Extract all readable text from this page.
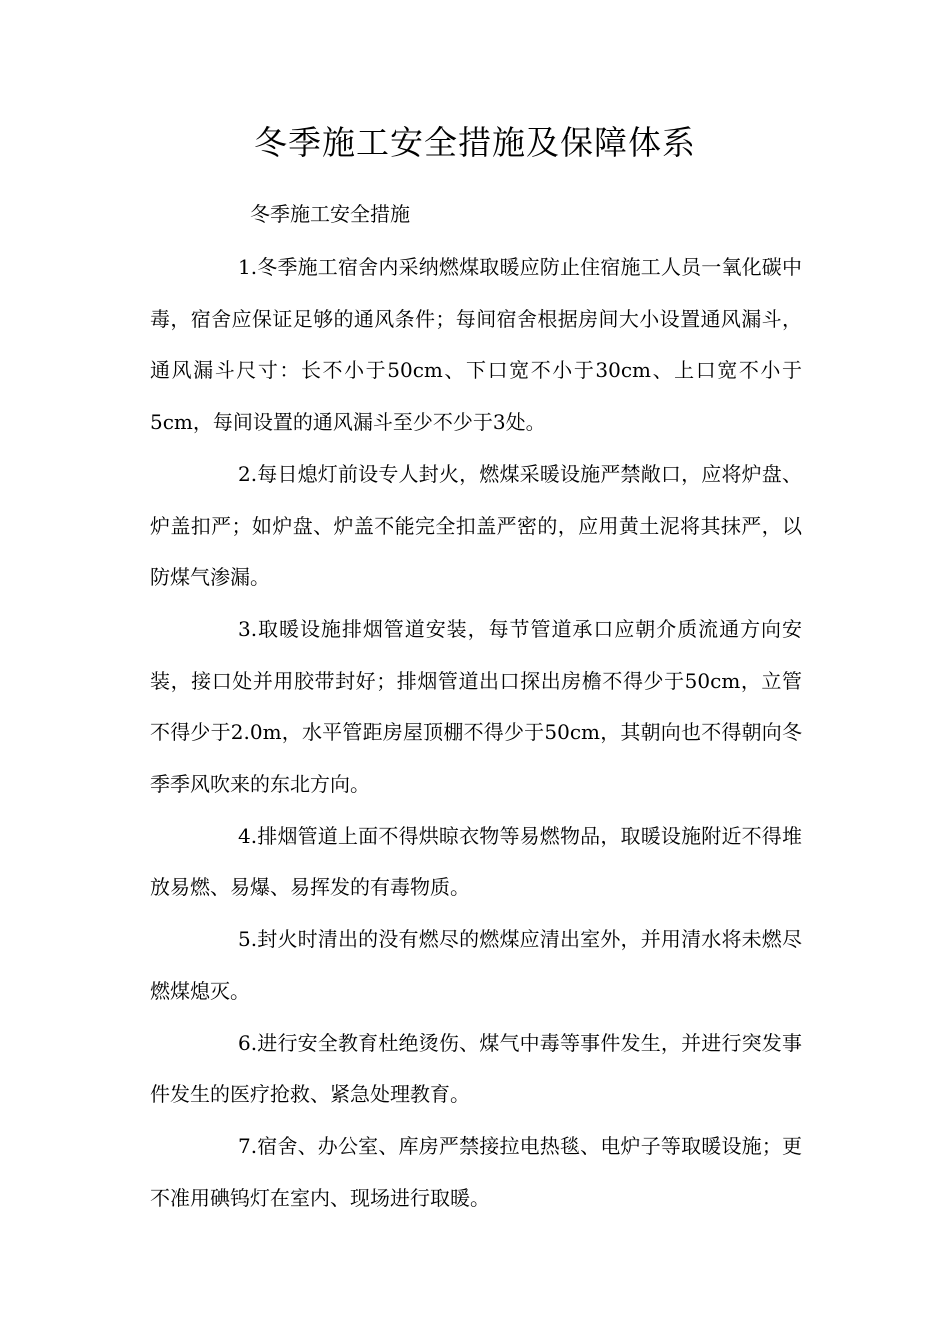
冬季施工安全措施及保障体系
冬季施工安全措施

1.冬季施工宿舍内采纳燃煤取暖应防止住宿施工人员一氧化碳中毒，宿舍应保证足够的通风条件；每间宿舍根据房间大小设置通风漏斗，通风漏斗尺寸：长不小于50cm、下口宽不小于30cm、上口宽不小于5cm，每间设置的通风漏斗至少不少于3处。

2.每日熄灯前设专人封火，燃煤采暖设施严禁敞口，应将炉盘、炉盖扣严；如炉盘、炉盖不能完全扣盖严密的，应用黄土泥将其抹严，以防煤气渗漏。

3.取暖设施排烟管道安装，每节管道承口应朝介质流通方向安装，接口处并用胶带封好；排烟管道出口探出房檐不得少于50cm，立管不得少于2.0m，水平管距房屋顶棚不得少于50cm，其朝向也不得朝向冬季季风吹来的东北方向。

4.排烟管道上面不得烘晾衣物等易燃物品，取暖设施附近不得堆放易燃、易爆、易挥发的有毒物质。

5.封火时清出的没有燃尽的燃煤应清出室外，并用清水将未燃尽燃煤熄灭。

6.进行安全教育杜绝烫伤、煤气中毒等事件发生，并进行突发事件发生的医疗抢救、紧急处理教育。

7.宿舍、办公室、库房严禁接拉电热毯、电炉子等取暖设施；更不准用碘钨灯在室内、现场进行取暖。
